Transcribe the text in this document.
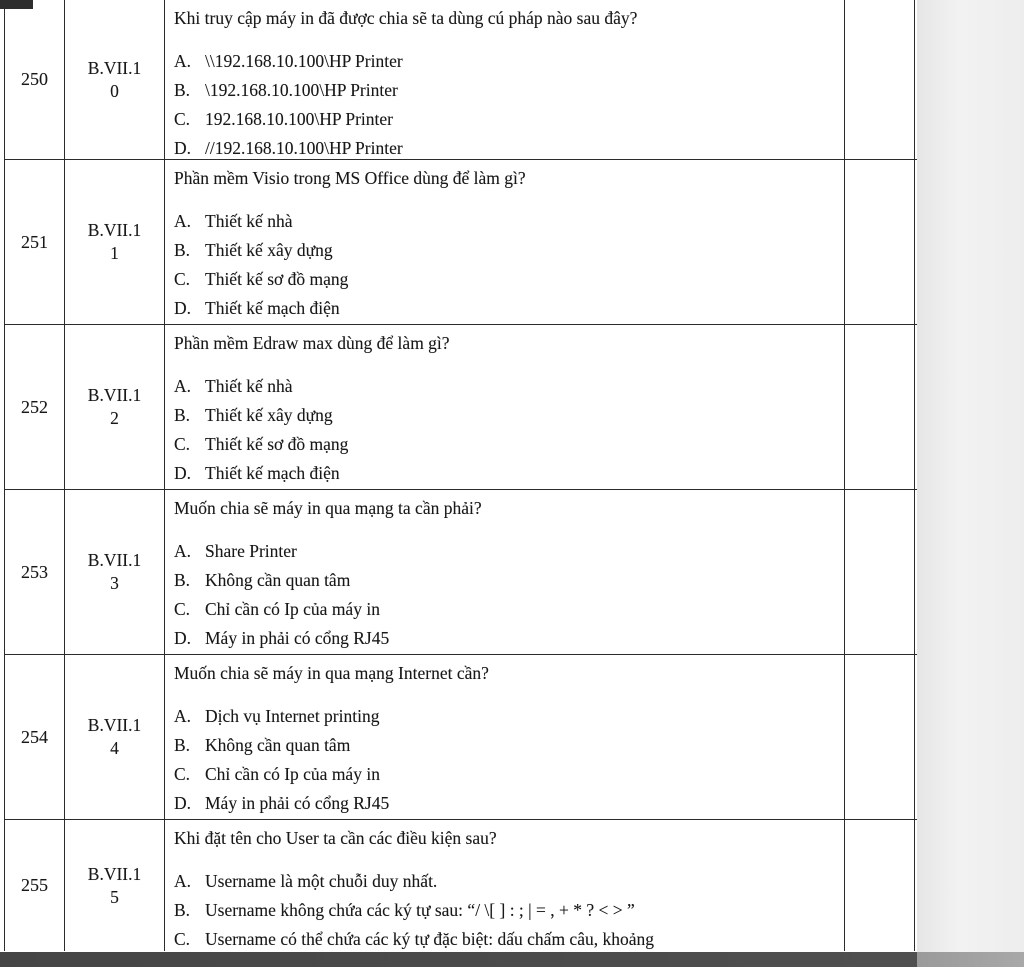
250
B.VII.1
0
Khi truy cập máy in đã được chia sẽ ta dùng cú pháp nào sau đây?
A. \\192.168.10.100\HP Printer
B. \192.168.10.100\HP Printer
C. 192.168.10.100\HP Printer
D. //192.168.10.100\HP Printer
251
B.VII.1
1
Phần mềm Visio trong MS Office dùng để làm gì?
A. Thiết kế nhà
B. Thiết kế xây dựng
C. Thiết kế sơ đồ mạng
D. Thiết kế mạch điện
252
B.VII.1
2
Phần mềm Edraw max dùng để làm gì?
A. Thiết kế nhà
B. Thiết kế xây dựng
C. Thiết kế sơ đồ mạng
D. Thiết kế mạch điện
253
B.VII.1
3
Muốn chia sẽ máy in qua mạng ta cần phải?
A. Share Printer
B. Không cần quan tâm
C. Chỉ cần có Ip của máy in
D. Máy in phải có cổng RJ45
254
B.VII.1
4
Muốn chia sẽ máy in qua mạng Internet cần?
A. Dịch vụ Internet printing
B. Không cần quan tâm
C. Chỉ cần có Ip của máy in
D. Máy in phải có cổng RJ45
255
B.VII.1
5
Khi đặt tên cho User ta cần các điều kiện sau?
A. Username là một chuỗi duy nhất.
B. Username không chứa các ký tự sau: “/ \[ ] : ; | = , + * ? < > ”
C. Username có thể chứa các ký tự đặc biệt: dấu chấm câu, khoảng
